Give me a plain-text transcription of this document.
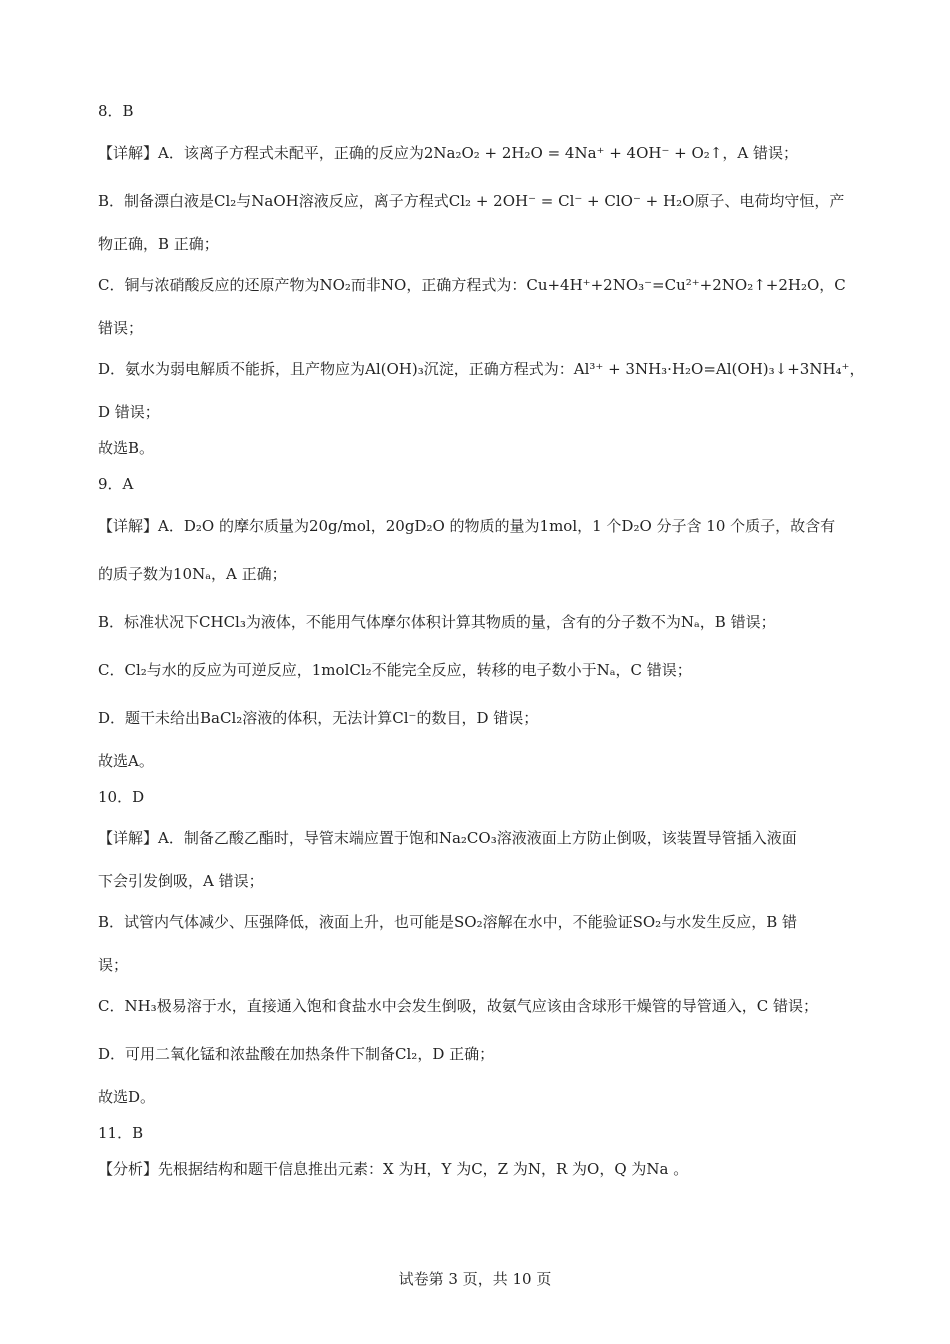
8．B
【详解】A．该离子方程式未配平，正确的反应为2Na₂O₂ + 2H₂O = 4Na⁺ + 4OH⁻ + O₂↑，A 错误；
B．制备漂白液是Cl₂与NaOH溶液反应，离子方程式Cl₂ + 2OH⁻ = Cl⁻ + ClO⁻ + H₂O原子、电荷均守恒，产
物正确，B 正确；
C．铜与浓硝酸反应的还原产物为NO₂而非NO，正确方程式为：Cu+4H⁺+2NO₃⁻=Cu²⁺+2NO₂↑+2H₂O，C
错误；
D．氨水为弱电解质不能拆，且产物应为Al(OH)₃沉淀，正确方程式为：Al³⁺ + 3NH₃·H₂O=Al(OH)₃↓+3NH₄⁺，
D 错误；
故选B。
9．A
【详解】A．D₂O 的摩尔质量为20g/mol，20gD₂O 的物质的量为1mol，1 个D₂O 分子含 10 个质子，故含有
的质子数为10Nₐ，A 正确；
B．标准状况下CHCl₃为液体，不能用气体摩尔体积计算其物质的量，含有的分子数不为Nₐ，B 错误；
C．Cl₂与水的反应为可逆反应，1molCl₂不能完全反应，转移的电子数小于Nₐ，C 错误；
D．题干未给出BaCl₂溶液的体积，无法计算Cl⁻的数目，D 错误；
故选A。
10．D
【详解】A．制备乙酸乙酯时，导管末端应置于饱和Na₂CO₃溶液液面上方防止倒吸，该装置导管插入液面
下会引发倒吸，A 错误；
B．试管内气体减少、压强降低，液面上升，也可能是SO₂溶解在水中，不能验证SO₂与水发生反应，B 错
误；
C．NH₃极易溶于水，直接通入饱和食盐水中会发生倒吸，故氨气应该由含球形干燥管的导管通入，C 错误；
D．可用二氧化锰和浓盐酸在加热条件下制备Cl₂，D 正确；
故选D。
11．B
【分析】先根据结构和题干信息推出元素：X 为H，Y 为C，Z 为N，R 为O，Q 为Na 。
试卷第 3 页，共 10 页
